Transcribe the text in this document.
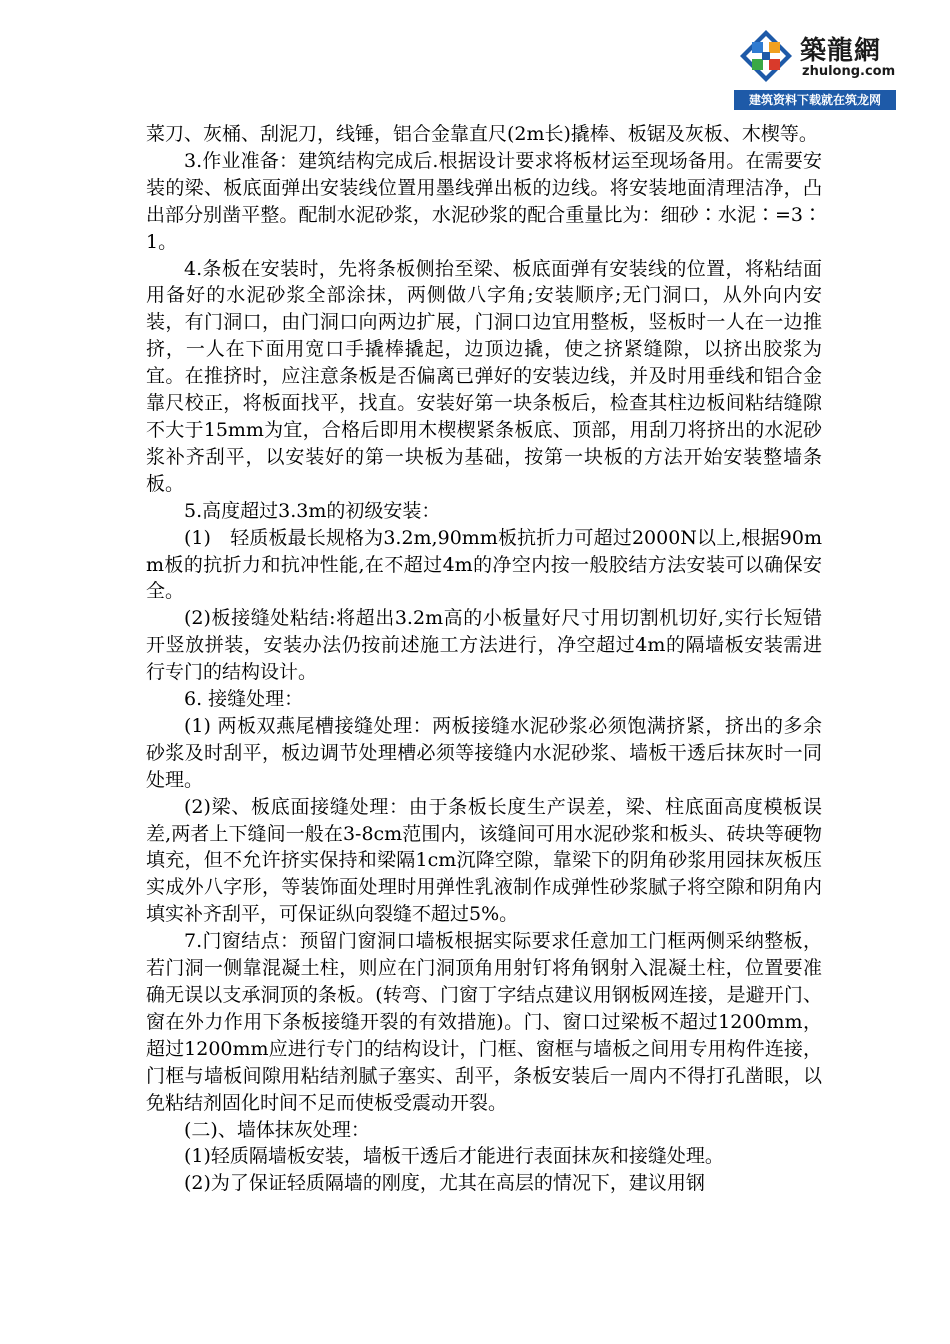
築龍網
zhulong.com
建筑资料下载就在筑龙网

菜刀、灰桶、刮泥刀，线锤，铝合金靠直尺(2m长)撬棒、板锯及灰板、木楔等。

3.作业准备：建筑结构完成后.根据设计要求将板材运至现场备用。在需要安装的梁、板底面弹出安装线位置用墨线弹出板的边线。将安装地面清理洁净，凸出部分别凿平整。配制水泥砂浆，水泥砂浆的配合重量比为：细砂∶水泥∶=3∶1。

4.条板在安装时，先将条板侧抬至梁、板底面弹有安装线的位置，将粘结面用备好的水泥砂浆全部涂抹，两侧做八字角;安装顺序;无门洞口，从外向内安装，有门洞口，由门洞口向两边扩展，门洞口边宜用整板，竖板时一人在一边推挤，一人在下面用宽口手撬棒撬起，边顶边撬，使之挤紧缝隙，以挤出胶浆为宜。在推挤时，应注意条板是否偏离已弹好的安装边线，并及时用垂线和铝合金靠尺校正，将板面找平，找直。安装好第一块条板后，检查其柱边板间粘结缝隙不大于15mm为宜，合格后即用木楔楔紧条板底、顶部，用刮刀将挤出的水泥砂浆补齐刮平，以安装好的第一块板为基础，按第一块板的方法开始安装整墙条板。

5.高度超过3.3m的初级安装：

(1)　轻质板最长规格为3.2m,90mm板抗折力可超过2000N以上,根据90mm板的抗折力和抗冲性能,在不超过4m的净空内按一般胶结方法安装可以确保安全。

(2)板接缝处粘结:将超出3.2m高的小板量好尺寸用切割机切好,实行长短错开竖放拼装，安装办法仍按前述施工方法进行，净空超过4m的隔墙板安装需进行专门的结构设计。

6. 接缝处理：

(1) 两板双燕尾槽接缝处理：两板接缝水泥砂浆必须饱满挤紧，挤出的多余砂浆及时刮平，板边调节处理槽必须等接缝内水泥砂浆、墙板干透后抹灰时一同处理。

(2)梁、板底面接缝处理：由于条板长度生产误差，梁、柱底面高度模板误差,两者上下缝间一般在3-8cm范围内，该缝间可用水泥砂浆和板头、砖块等硬物填充，但不允许挤实保持和梁隔1cm沉降空隙，靠梁下的阴角砂浆用园抹灰板压实成外八字形，等装饰面处理时用弹性乳液制作成弹性砂浆腻子将空隙和阴角内填实补齐刮平，可保证纵向裂缝不超过5%。

7.门窗结点：预留门窗洞口墙板根据实际要求任意加工门框两侧采纳整板，若门洞一侧靠混凝土柱，则应在门洞顶角用射钉将角钢射入混凝土柱，位置要准确无误以支承洞顶的条板。(转弯、门窗丁字结点建议用钢板网连接，是避开门、窗在外力作用下条板接缝开裂的有效措施)。门、窗口过梁板不超过1200mm，超过1200mm应进行专门的结构设计，门框、窗框与墙板之间用专用构件连接，门框与墙板间隙用粘结剂腻子塞实、刮平，条板安装后一周内不得打孔凿眼，以免粘结剂固化时间不足而使板受震动开裂。

(二)、墙体抹灰处理：

(1)轻质隔墙板安装，墙板干透后才能进行表面抹灰和接缝处理。

(2)为了保证轻质隔墙的刚度，尤其在高层的情况下，建议用钢
